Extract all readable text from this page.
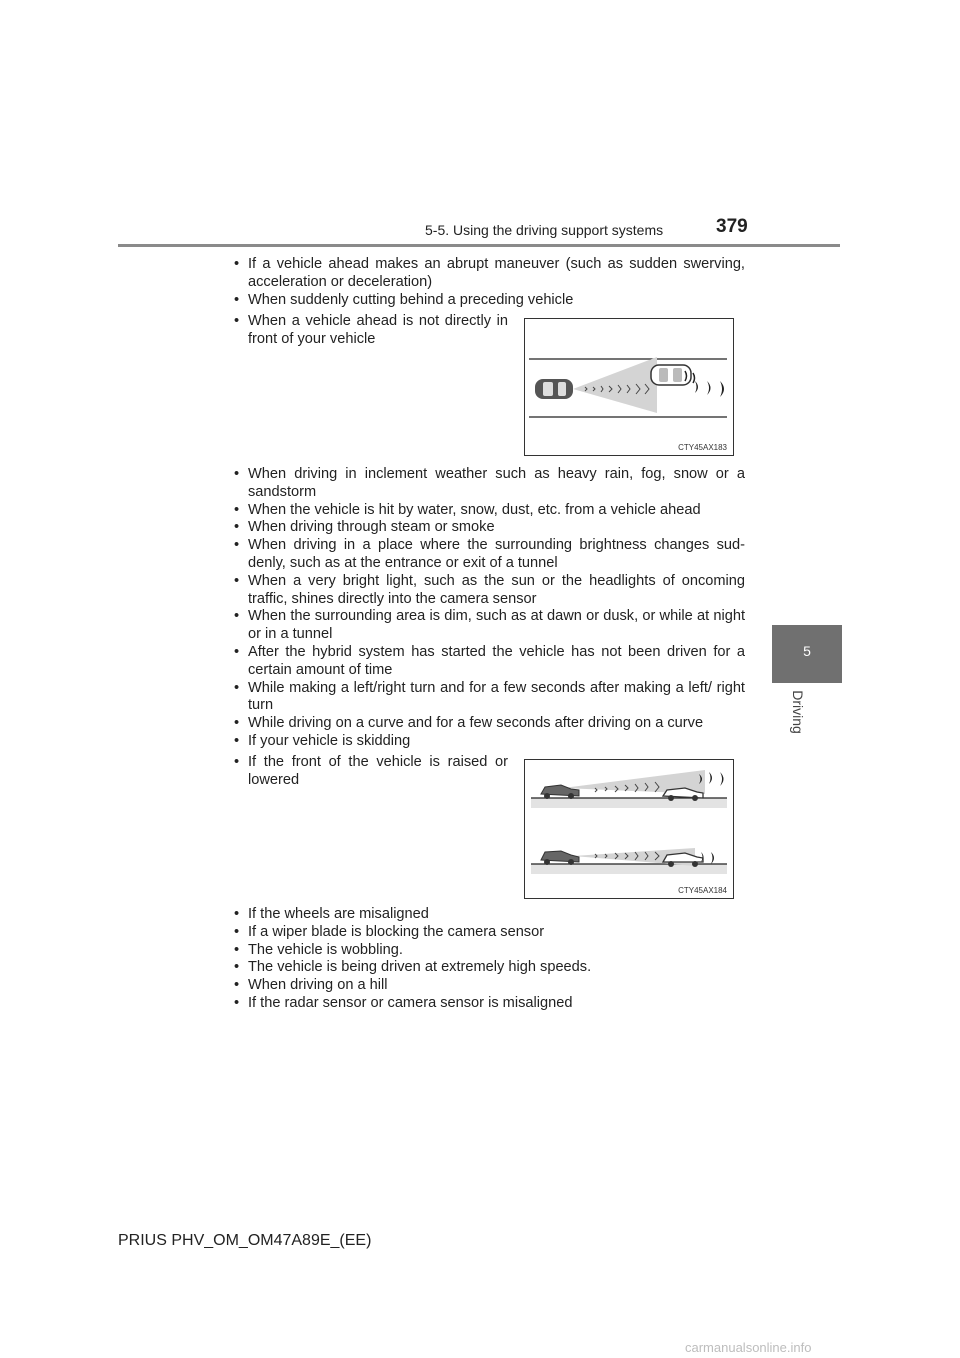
5-5. Using the driving support systems	379
5
Driving
• If a vehicle ahead makes an abrupt maneuver (such as sudden swerving, acceleration or deceleration)
• When suddenly cutting behind a preceding vehicle
• When a vehicle ahead is not directly in front of your vehicle
CTY45AX183
• When driving in inclement weather such as heavy rain, fog, snow or a sandstorm
• When the vehicle is hit by water, snow, dust, etc. from a vehicle ahead
• When driving through steam or smoke
• When driving in a place where the surrounding brightness changes sud-denly, such as at the entrance or exit of a tunnel
• When a very bright light, such as the sun or the headlights of oncoming traffic, shines directly into the camera sensor
• When the surrounding area is dim, such as at dawn or dusk, or while at night or in a tunnel
• After the hybrid system has started the vehicle has not been driven for a certain amount of time
• While making a left/right turn and for a few seconds after making a left/ right turn
• While driving on a curve and for a few seconds after driving on a curve
• If your vehicle is skidding
• If the front of the vehicle is raised or lowered
CTY45AX184
• If the wheels are misaligned
• If a wiper blade is blocking the camera sensor
• The vehicle is wobbling.
• The vehicle is being driven at extremely high speeds.
• When driving on a hill
• If the radar sensor or camera sensor is misaligned
PRIUS PHV_OM_OM47A89E_(EE)
carmanualsonline.info
